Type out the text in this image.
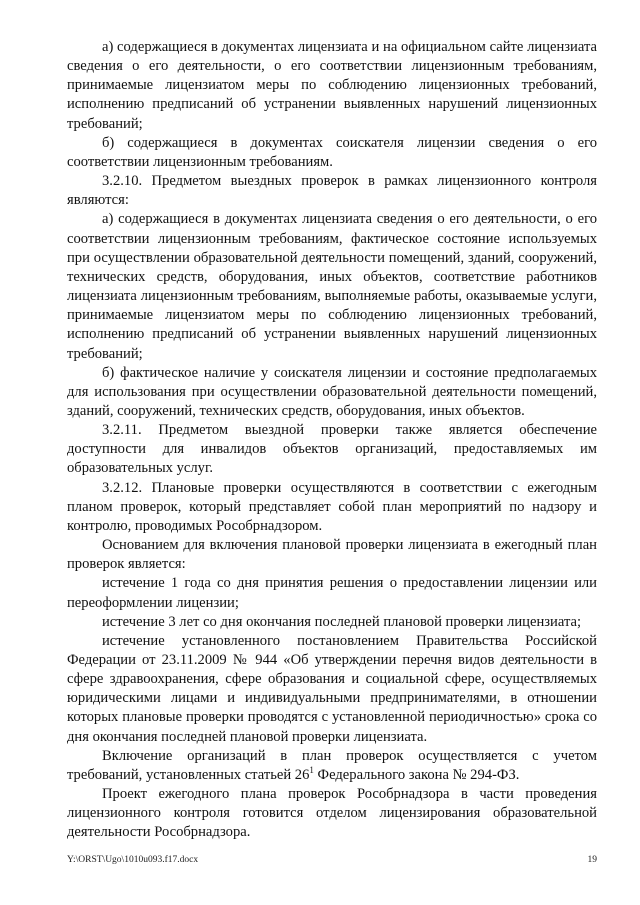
а) содержащиеся в документах лицензиата и на официальном сайте лицензиата сведения о его деятельности, о его соответствии лицензионным требованиям, принимаемые лицензиатом меры по соблюдению лицензионных требований, исполнению предписаний об устранении выявленных нарушений лицензионных требований;

б) содержащиеся в документах соискателя лицензии сведения о его соответствии лицензионным требованиям.

3.2.10. Предметом выездных проверок в рамках лицензионного контроля являются:

а) содержащиеся в документах лицензиата сведения о его деятельности, о его соответствии лицензионным требованиям, фактическое состояние используемых при осуществлении образовательной деятельности помещений, зданий, сооружений, технических средств, оборудования, иных объектов, соответствие работников лицензиата лицензионным требованиям, выполняемые работы, оказываемые услуги, принимаемые лицензиатом меры по соблюдению лицензионных требований, исполнению предписаний об устранении выявленных нарушений лицензионных требований;

б) фактическое наличие у соискателя лицензии и состояние предполагаемых для использования при осуществлении образовательной деятельности помещений, зданий, сооружений, технических средств, оборудования, иных объектов.

3.2.11. Предметом выездной проверки также является обеспечение доступности для инвалидов объектов организаций, предоставляемых им образовательных услуг.

3.2.12. Плановые проверки осуществляются в соответствии с ежегодным планом проверок, который представляет собой план мероприятий по надзору и контролю, проводимых Рособрнадзором.

Основанием для включения плановой проверки лицензиата в ежегодный план проверок является:

истечение 1 года со дня принятия решения о предоставлении лицензии или переоформлении лицензии;

истечение 3 лет со дня окончания последней плановой проверки лицензиата;

истечение установленного постановлением Правительства Российской Федерации от 23.11.2009 № 944 «Об утверждении перечня видов деятельности в сфере здравоохранения, сфере образования и социальной сфере, осуществляемых юридическими лицами и индивидуальными предпринимателями, в отношении которых плановые проверки проводятся с установленной периодичностью» срока со дня окончания последней плановой проверки лицензиата.

Включение организаций в план проверок осуществляется с учетом требований, установленных статьей $26^1$ Федерального закона № 294-ФЗ.

Проект ежегодного плана проверок Рособрнадзора в части проведения лицензионного контроля готовится отделом лицензирования образовательной деятельности Рособрнадзора.

Y:\ORST\Ugo\1010u093.f17.docx	19
